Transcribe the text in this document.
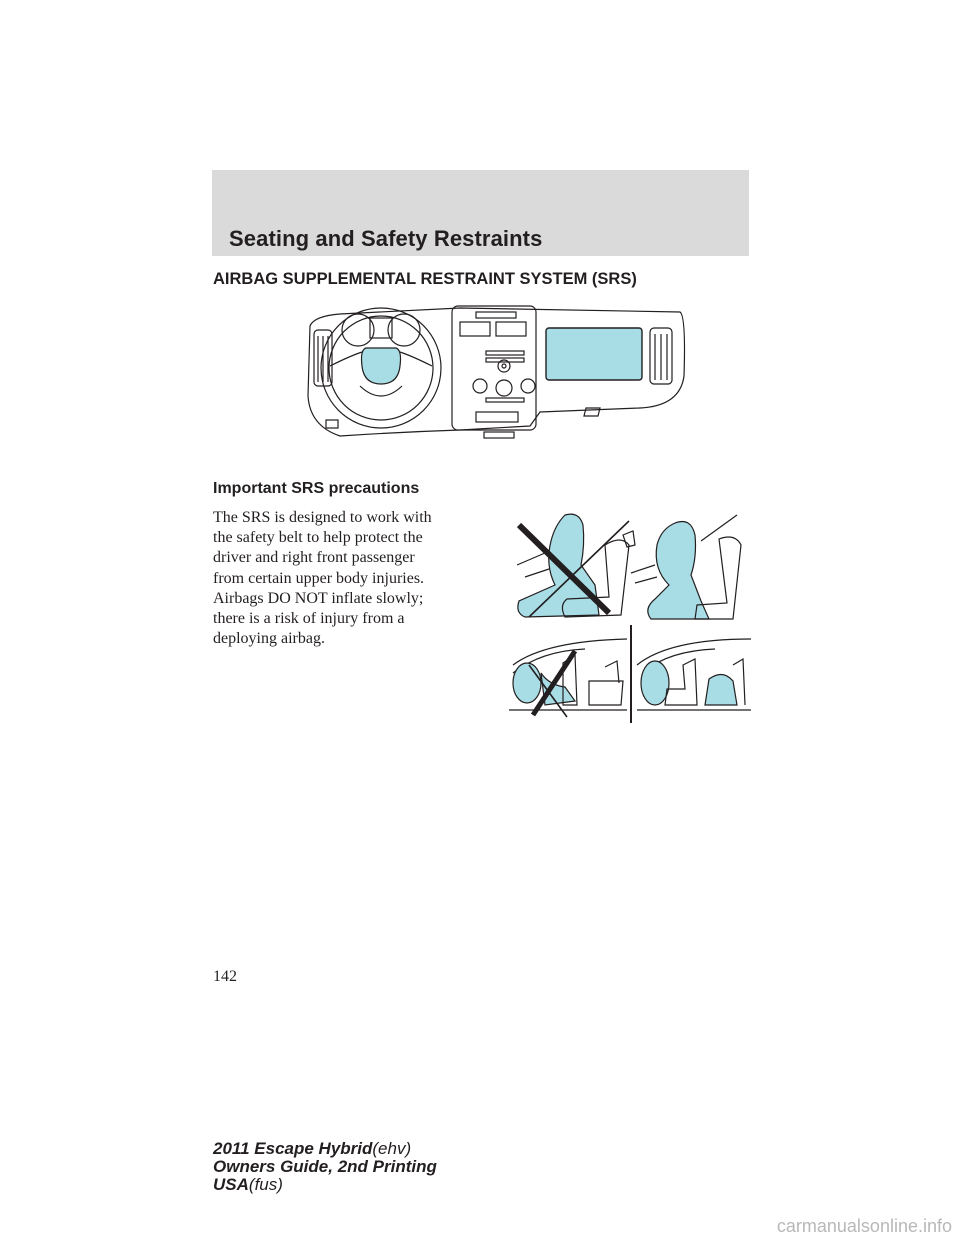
Seating and Safety Restraints
AIRBAG SUPPLEMENTAL RESTRAINT SYSTEM (SRS)
Important SRS precautions
The SRS is designed to work with
the safety belt to help protect the
driver and right front passenger
from certain upper body injuries.
Airbags DO NOT inflate slowly;
there is a risk of injury from a
deploying airbag.
142
2011 Escape Hybrid(ehv)
Owners Guide, 2nd Printing
USA(fus)
carmanualsonline.info
